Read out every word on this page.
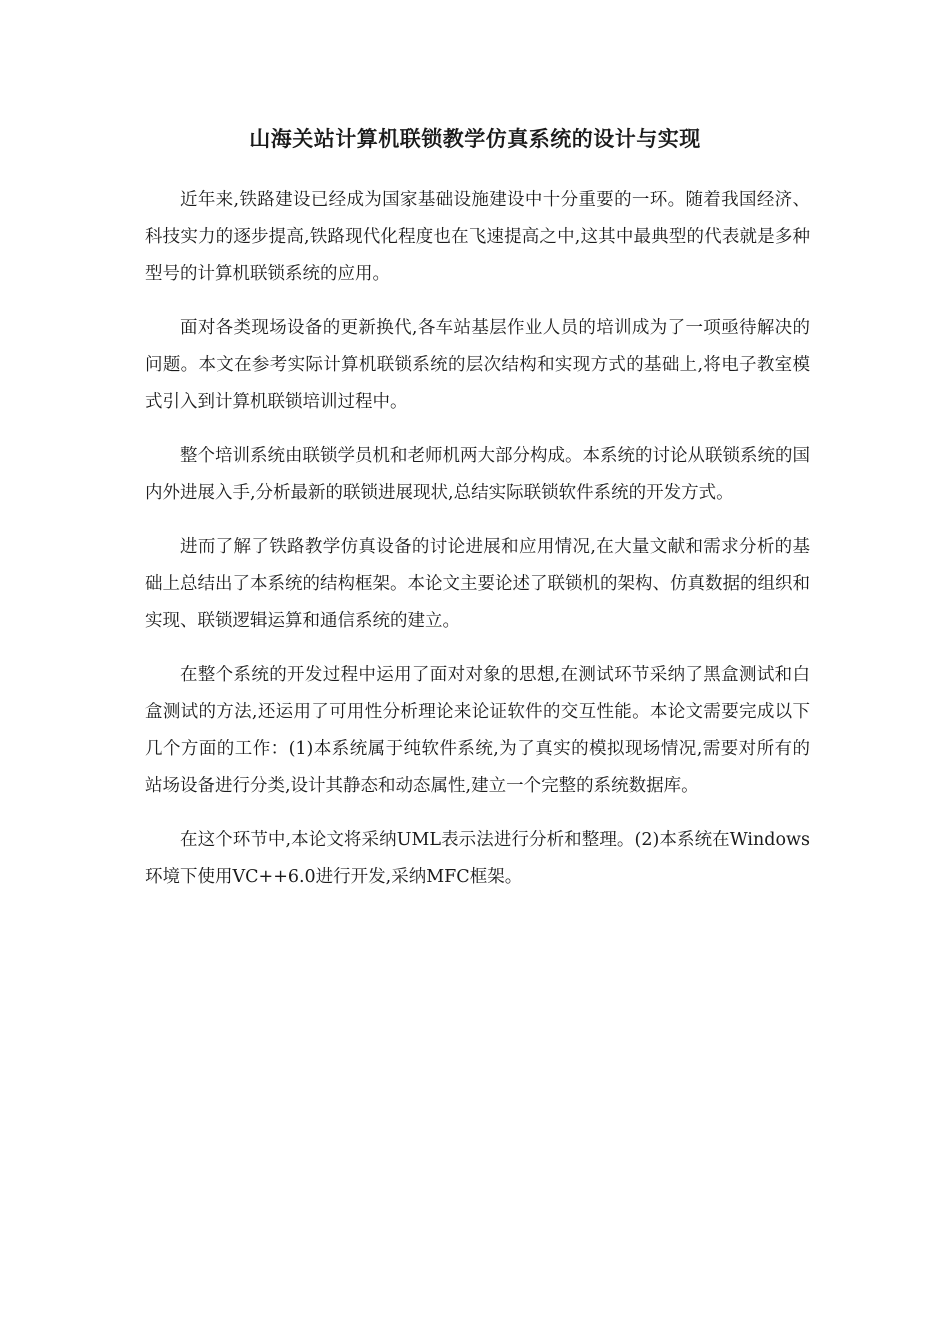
山海关站计算机联锁教学仿真系统的设计与实现

近年来,铁路建设已经成为国家基础设施建设中十分重要的一环。随着我国经济、科技实力的逐步提高,铁路现代化程度也在飞速提高之中,这其中最典型的代表就是多种型号的计算机联锁系统的应用。

面对各类现场设备的更新换代,各车站基层作业人员的培训成为了一项亟待解决的问题。本文在参考实际计算机联锁系统的层次结构和实现方式的基础上,将电子教室模式引入到计算机联锁培训过程中。

整个培训系统由联锁学员机和老师机两大部分构成。本系统的讨论从联锁系统的国内外进展入手,分析最新的联锁进展现状,总结实际联锁软件系统的开发方式。

进而了解了铁路教学仿真设备的讨论进展和应用情况,在大量文献和需求分析的基础上总结出了本系统的结构框架。本论文主要论述了联锁机的架构、仿真数据的组织和实现、联锁逻辑运算和通信系统的建立。

在整个系统的开发过程中运用了面对对象的思想,在测试环节采纳了黑盒测试和白盒测试的方法,还运用了可用性分析理论来论证软件的交互性能。本论文需要完成以下几个方面的工作：(1)本系统属于纯软件系统,为了真实的模拟现场情况,需要对所有的站场设备进行分类,设计其静态和动态属性,建立一个完整的系统数据库。

在这个环节中,本论文将采纳UML表示法进行分析和整理。(2)本系统在Windows环境下使用VC++6.0进行开发,采纳MFC框架。
